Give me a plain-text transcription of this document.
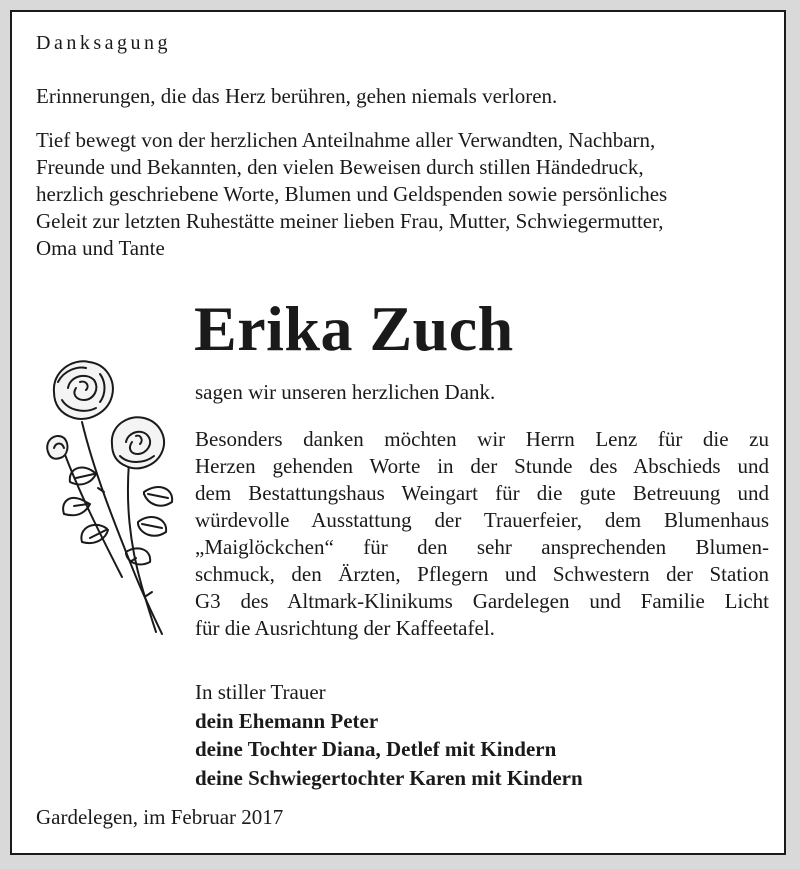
Danksagung
Erinnerungen, die das Herz berühren, gehen niemals verloren.
Tief bewegt von der herzlichen Anteilnahme aller Verwandten, Nachbarn,
Freunde und Bekannten, den vielen Beweisen durch stillen Händedruck,
herzlich geschriebene Worte, Blumen und Geldspenden sowie persönliches
Geleit zur letzten Ruhestätte meiner lieben Frau, Mutter, Schwiegermutter,
Oma und Tante
Erika Zuch
sagen wir unseren herzlichen Dank.
Besonders danken möchten wir Herrn Lenz für die zu
Herzen gehenden Worte in der Stunde des Abschieds und
dem Bestattungshaus Weingart für die gute Betreuung und
würdevolle Ausstattung der Trauerfeier, dem Blumenhaus
„Maiglöckchen“ für den sehr ansprechenden Blumen-
schmuck, den Ärzten, Pflegern und Schwestern der Station
G3 des Altmark-Klinikums Gardelegen und Familie Licht
für die Ausrichtung der Kaffeetafel.
In stiller Trauer
dein Ehemann Peter
deine Tochter Diana, Detlef mit Kindern
deine Schwiegertochter Karen mit Kindern
Gardelegen, im Februar 2017
